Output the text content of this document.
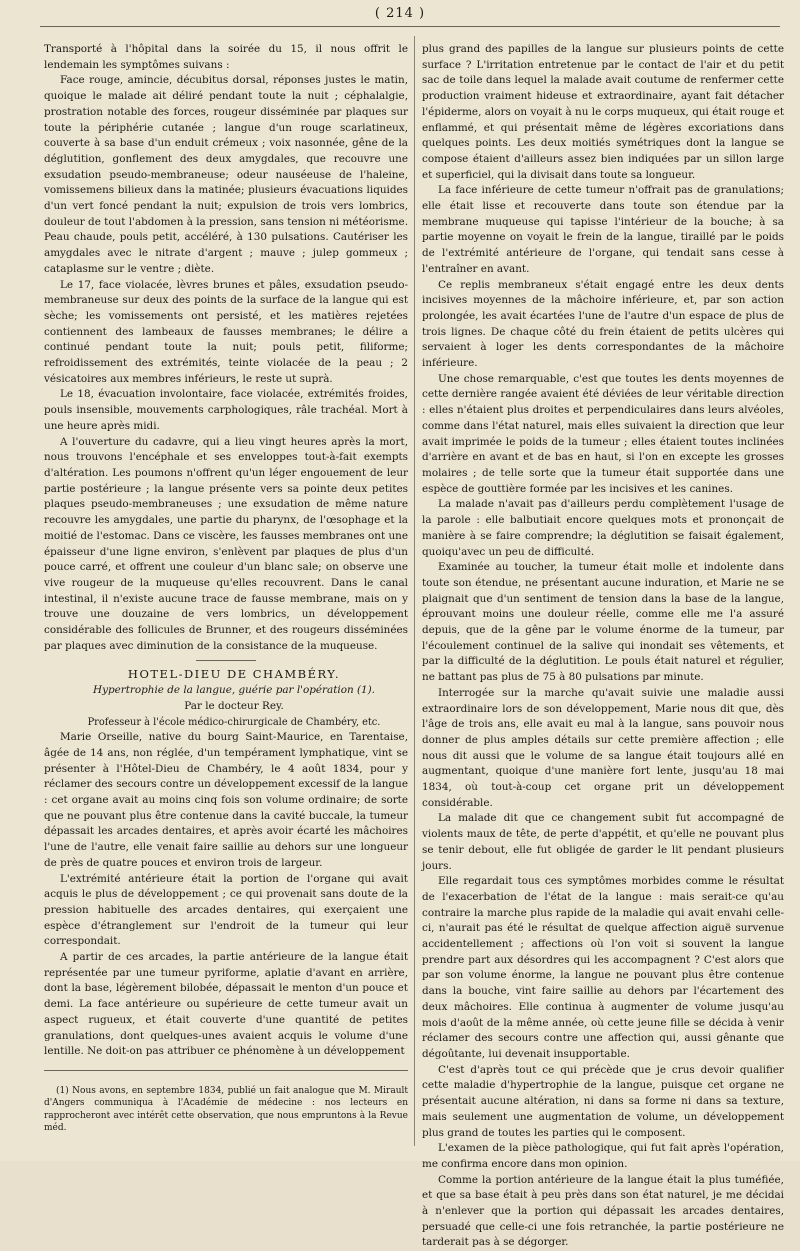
( 214 )

Transporté à l'hôpital dans la soirée du 15, il nous offrit le lendemain les symptômes suivans :

Face rouge, amincie, décubitus dorsal, réponses justes le matin, quoique le malade ait déliré pendant toute la nuit ; céphalalgie, prostration notable des forces, rougeur disséminée par plaques sur toute la périphérie cutanée ; langue d'un rouge scarlatineux, couverte à sa base d'un enduit crémeux ; voix nasonnée, gêne de la déglutition, gonflement des deux amygdales, que recouvre une exsudation pseudo-membraneuse; odeur nauséeuse de l'haleine, vomissemens bilieux dans la matinée; plusieurs évacuations liquides d'un vert foncé pendant la nuit; expulsion de trois vers lombrics, douleur de tout l'abdomen à la pression, sans tension ni météorisme. Peau chaude, pouls petit, accéléré, à 130 pulsations. Cautériser les amygdales avec le nitrate d'argent ; mauve ; julep gommeux ; cataplasme sur le ventre ; diète.

Le 17, face violacée, lèvres brunes et pâles, exsudation pseudo-membraneuse sur deux des points de la surface de la langue qui est sèche; les vomissements ont persisté, et les matières rejetées contiennent des lambeaux de fausses membranes; le délire a continué pendant toute la nuit; pouls petit, filiforme; refroidissement des extrémités, teinte violacée de la peau ; 2 vésicatoires aux membres inférieurs, le reste ut suprà.

Le 18, évacuation involontaire, face violacée, extrémités froides, pouls insensible, mouvements carphologiques, râle trachéal. Mort à une heure après midi.

A l'ouverture du cadavre, qui a lieu vingt heures après la mort, nous trouvons l'encéphale et ses enveloppes tout-à-fait exempts d'altération. Les poumons n'offrent qu'un léger engouement de leur partie postérieure ; la langue présente vers sa pointe deux petites plaques pseudo-membraneuses ; une exsudation de même nature recouvre les amygdales, une partie du pharynx, de l'œsophage et la moitié de l'estomac. Dans ce viscère, les fausses membranes ont une épaisseur d'une ligne environ, s'enlèvent par plaques de plus d'un pouce carré, et offrent une couleur d'un blanc sale; on observe une vive rougeur de la muqueuse qu'elles recouvrent. Dans le canal intestinal, il n'existe aucune trace de fausse membrane, mais on y trouve une douzaine de vers lombrics, un développement considérable des follicules de Brunner, et des rougeurs disséminées par plaques avec diminution de la consistance de la muqueuse.

HOTEL-DIEU DE CHAMBÉRY.

Hypertrophie de la langue, guérie par l'opération (1).

Par le docteur Rey.

Professeur à l'école médico-chirurgicale de Chambéry, etc.

Marie Orseille, native du bourg Saint-Maurice, en Tarentaise, âgée de 14 ans, non réglée, d'un tempérament lymphatique, vint se présenter à l'Hôtel-Dieu de Chambéry, le 4 août 1834, pour y réclamer des secours contre un développement excessif de la langue : cet organe avait au moins cinq fois son volume ordinaire; de sorte que ne pouvant plus être contenue dans la cavité buccale, la tumeur dépassait les arcades dentaires, et après avoir écarté les mâchoires l'une de l'autre, elle venait faire saillie au dehors sur une longueur de près de quatre pouces et environ trois de largeur.

L'extrémité antérieure était la portion de l'organe qui avait acquis le plus de développement ; ce qui provenait sans doute de la pression habituelle des arcades dentaires, qui exerçaient une espèce d'étranglement sur l'endroit de la tumeur qui leur correspondait.

A partir de ces arcades, la partie antérieure de la langue était représentée par une tumeur pyriforme, aplatie d'avant en arrière, dont la base, légèrement bilobée, dépassait le menton d'un pouce et demi. La face antérieure ou supérieure de cette tumeur avait un aspect rugueux, et était couverte d'une quantité de petites granulations, dont quelques-unes avaient acquis le volume d'une lentille. Ne doit-on pas attribuer ce phénomène à un développement

plus grand des papilles de la langue sur plusieurs points de cette surface ? L'irritation entretenue par le contact de l'air et du petit sac de toile dans lequel la malade avait coutume de renfermer cette production vraiment hideuse et extraordinaire, ayant fait détacher l'épiderme, alors on voyait à nu le corps muqueux, qui était rouge et enflammé, et qui présentait même de légères excoriations dans quelques points. Les deux moitiés symétriques dont la langue se compose étaient d'ailleurs assez bien indiquées par un sillon large et superficiel, qui la divisait dans toute sa longueur.

La face inférieure de cette tumeur n'offrait pas de granulations; elle était lisse et recouverte dans toute son étendue par la membrane muqueuse qui tapisse l'intérieur de la bouche; à sa partie moyenne on voyait le frein de la langue, tiraillé par le poids de l'extrémité antérieure de l'organe, qui tendait sans cesse à l'entraîner en avant.

Ce replis membraneux s'était engagé entre les deux dents incisives moyennes de la mâchoire inférieure, et, par son action prolongée, les avait écartées l'une de l'autre d'un espace de plus de trois lignes. De chaque côté du frein étaient de petits ulcères qui servaient à loger les dents correspondantes de la mâchoire inférieure.

Une chose remarquable, c'est que toutes les dents moyennes de cette dernière rangée avaient été déviées de leur véritable direction : elles n'étaient plus droites et perpendiculaires dans leurs alvéoles, comme dans l'état naturel, mais elles suivaient la direction que leur avait imprimée le poids de la tumeur ; elles étaient toutes inclinées d'arrière en avant et de bas en haut, si l'on en excepte les grosses molaires ; de telle sorte que la tumeur était supportée dans une espèce de gouttière formée par les incisives et les canines.

La malade n'avait pas d'ailleurs perdu complètement l'usage de la parole : elle balbutiait encore quelques mots et prononçait de manière à se faire comprendre; la déglutition se faisait également, quoiqu'avec un peu de difficulté.

Examinée au toucher, la tumeur était molle et indolente dans toute son étendue, ne présentant aucune induration, et Marie ne se plaignait que d'un sentiment de tension dans la base de la langue, éprouvant moins une douleur réelle, comme elle me l'a assuré depuis, que de la gêne par le volume énorme de la tumeur, par l'écoulement continuel de la salive qui inondait ses vêtements, et par la difficulté de la déglutition. Le pouls était naturel et régulier, ne battant pas plus de 75 à 80 pulsations par minute.

Interrogée sur la marche qu'avait suivie une maladie aussi extraordinaire lors de son développement, Marie nous dit que, dès l'âge de trois ans, elle avait eu mal à la langue, sans pouvoir nous donner de plus amples détails sur cette première affection ; elle nous dit aussi que le volume de sa langue était toujours allé en augmentant, quoique d'une manière fort lente, jusqu'au 18 mai 1834, où tout-à-coup cet organe prit un développement considérable.

La malade dit que ce changement subit fut accompagné de violents maux de tête, de perte d'appétit, et qu'elle ne pouvant plus se tenir debout, elle fut obligée de garder le lit pendant plusieurs jours.

Elle regardait tous ces symptômes morbides comme le résultat de l'exacerbation de l'état de la langue : mais serait-ce qu'au contraire la marche plus rapide de la maladie qui avait envahi celle-ci, n'aurait pas été le résultat de quelque affection aiguë survenue accidentellement ; affections où l'on voit si souvent la langue prendre part aux désordres qui les accompagnent ? C'est alors que par son volume énorme, la langue ne pouvant plus être contenue dans la bouche, vint faire saillie au dehors par l'écartement des deux mâchoires. Elle continua à augmenter de volume jusqu'au mois d'août de la même année, où cette jeune fille se décida à venir réclamer des secours contre une affection qui, aussi gênante que dégoûtante, lui devenait insupportable.

C'est d'après tout ce qui précède que je crus devoir qualifier cette maladie d'hypertrophie de la langue, puisque cet organe ne présentait aucune altération, ni dans sa forme ni dans sa texture, mais seulement une augmentation de volume, un développement plus grand de toutes les parties qui le composent.

L'examen de la pièce pathologique, qui fut fait après l'opération, me confirma encore dans mon opinion.

Comme la portion antérieure de la langue était la plus tuméfiée, et que sa base était à peu près dans son état naturel, je me décidai à n'enlever que la portion qui dépassait les arcades dentaires, persuadé que celle-ci une fois retranchée, la partie postérieure ne tarderait pas à se dégorger.

(1) Nous avons, en septembre 1834, publié un fait analogue que M. Mirault d'Angers communiqua à l'Académie de médecine : nos lecteurs en rapprocheront avec intérêt cette observation, que nous empruntons à la Revue méd.
